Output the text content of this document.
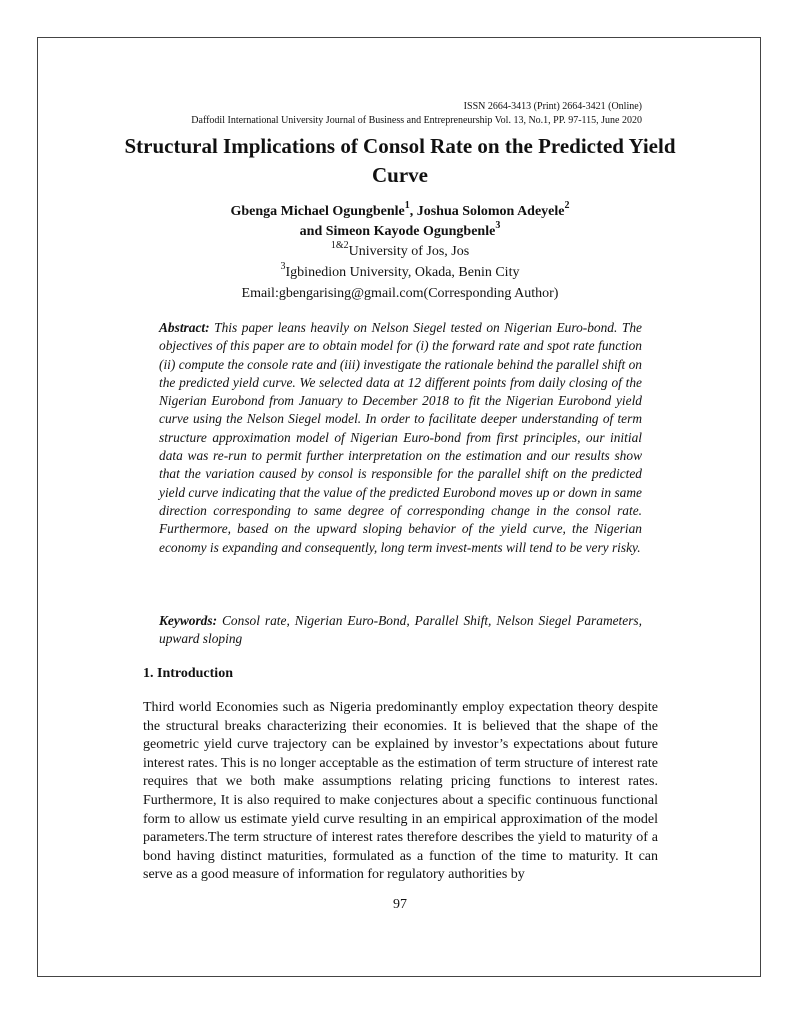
ISSN 2664-3413 (Print) 2664-3421 (Online)
Daffodil International University Journal of Business and Entrepreneurship Vol. 13, No.1, PP. 97-115, June 2020
Structural Implications of Consol Rate on the Predicted Yield Curve
Gbenga Michael Ogungbenle$^1$, Joshua Solomon Adeyele$^2$
and Simeon Kayode Ogungbenle$^3$
$^{1\&2}$University of Jos, Jos
$^3$Igbinedion University, Okada, Benin City
Email:gbengarising@gmail.com(Corresponding Author)
Abstract: This paper leans heavily on Nelson Siegel tested on Nigerian Euro-bond. The objectives of this paper are to obtain model for (i) the forward rate and spot rate function (ii) compute the console rate and (iii) investigate the rationale behind the parallel shift on the predicted yield curve. We selected data at 12 different points from daily closing of the Nigerian Eurobond from January to December 2018 to fit the Nigerian Eurobond yield curve using the Nelson Siegel model. In order to facilitate deeper understanding of term structure approximation model of Nigerian Euro-bond from first principles, our initial data was re-run to permit further interpretation on the estimation and our results show that the variation caused by consol is responsible for the parallel shift on the predicted yield curve indicating that the value of the predicted Eurobond moves up or down in same direction corresponding to same degree of corresponding change in the consol rate. Furthermore, based on the upward sloping behavior of the yield curve, the Nigerian economy is expanding and consequently, long term invest-ments will tend to be very risky.
Keywords: Consol rate, Nigerian Euro-Bond, Parallel Shift, Nelson Siegel Parameters, upward sloping
1. Introduction
Third world Economies such as Nigeria predominantly employ expectation theory despite the structural breaks characterizing their economies. It is believed that the shape of the geometric yield curve trajectory can be explained by investor’s expectations about future interest rates. This is no longer acceptable as the estimation of term structure of interest rate requires that we both make assumptions relating pricing functions to interest rates. Furthermore, It is also required to make conjectures about a specific continuous functional form to allow us estimate yield curve resulting in an empirical approximation of the model parameters.The term structure of interest rates therefore describes the yield to maturity of a bond having distinct maturities, formulated as a function of the time to maturity. It can serve as a good measure of information for regulatory authorities by
97
